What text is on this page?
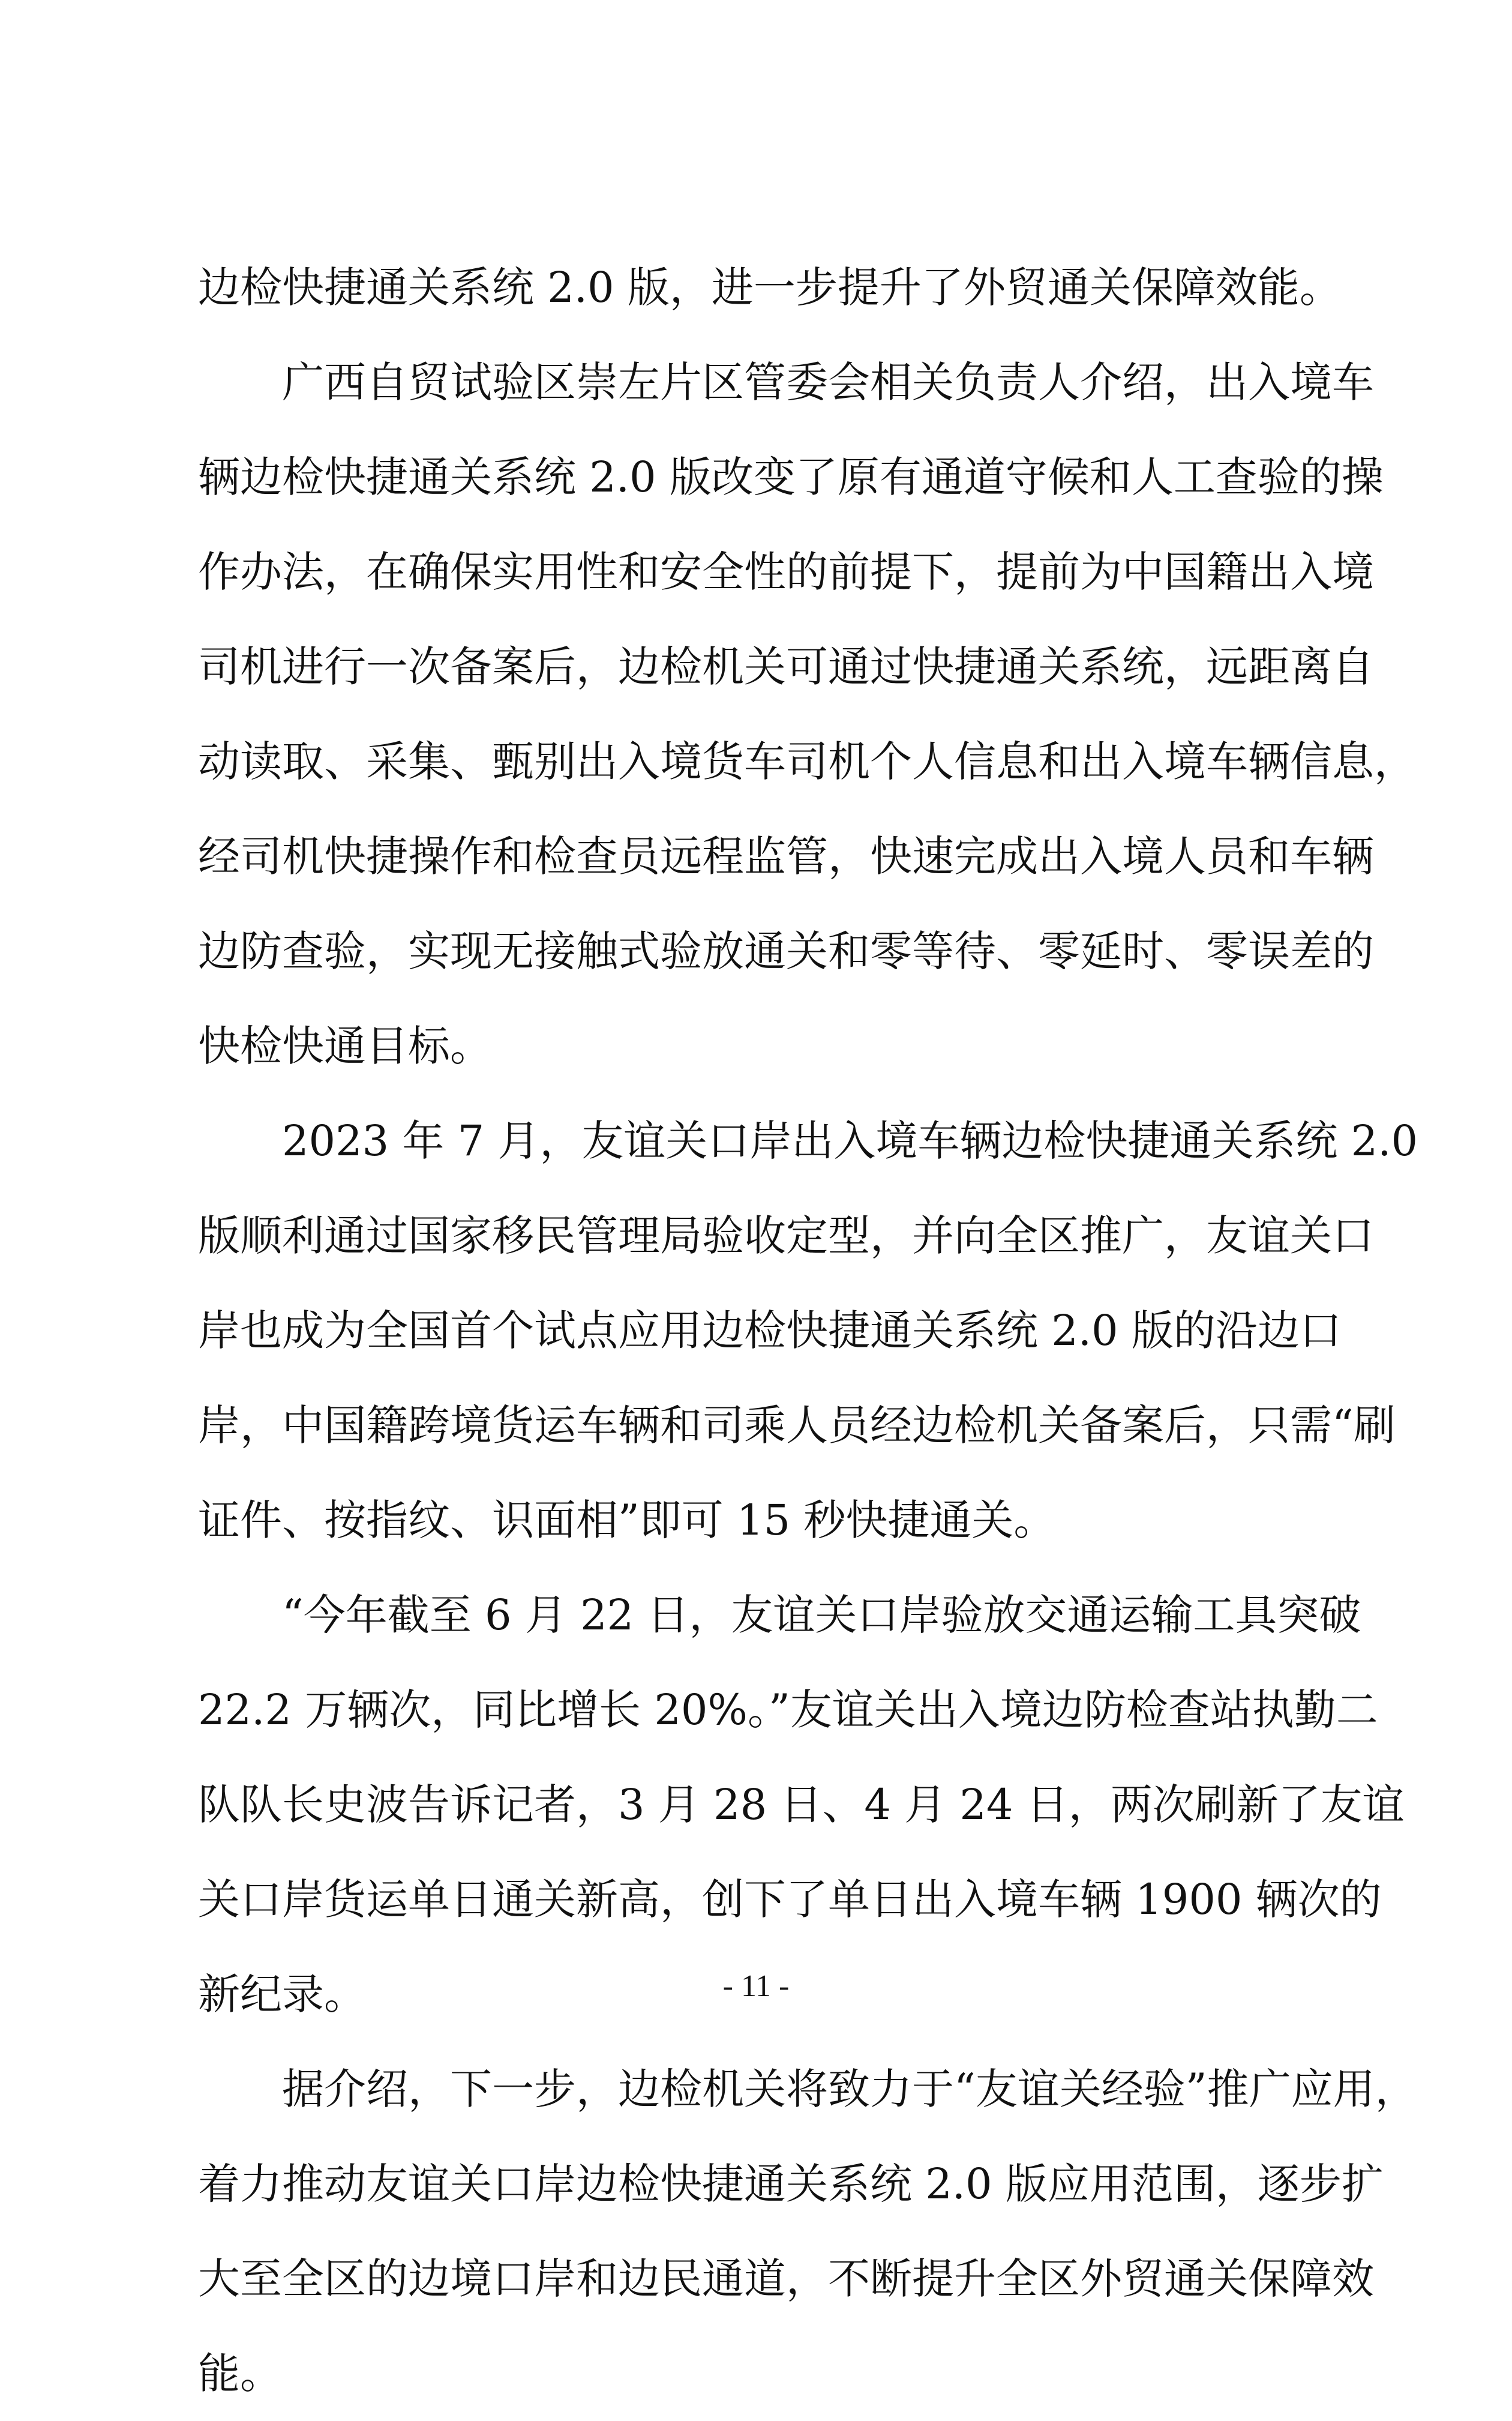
边检快捷通关系统 2.0 版，进一步提升了外贸通关保障效能。
广西自贸试验区崇左片区管委会相关负责人介绍，出入境车
辆边检快捷通关系统 2.0 版改变了原有通道守候和人工查验的操
作办法，在确保实用性和安全性的前提下，提前为中国籍出入境
司机进行一次备案后，边检机关可通过快捷通关系统，远距离自
动读取、采集、甄别出入境货车司机个人信息和出入境车辆信息，
经司机快捷操作和检查员远程监管，快速完成出入境人员和车辆
边防查验，实现无接触式验放通关和零等待、零延时、零误差的
快检快通目标。
2023 年 7 月，友谊关口岸出入境车辆边检快捷通关系统 2.0
版顺利通过国家移民管理局验收定型，并向全区推广，友谊关口
岸也成为全国首个试点应用边检快捷通关系统 2.0 版的沿边口
岸，中国籍跨境货运车辆和司乘人员经边检机关备案后，只需“刷
证件、按指纹、识面相”即可 15 秒快捷通关。
“今年截至 6 月 22 日，友谊关口岸验放交通运输工具突破
22.2 万辆次，同比增长 20%。”友谊关出入境边防检查站执勤二
队队长史波告诉记者，3 月 28 日、4 月 24 日，两次刷新了友谊
关口岸货运单日通关新高，创下了单日出入境车辆 1900 辆次的
新纪录。
据介绍，下一步，边检机关将致力于“友谊关经验”推广应用，
着力推动友谊关口岸边检快捷通关系统 2.0 版应用范围，逐步扩
大至全区的边境口岸和边民通道，不断提升全区外贸通关保障效
能。
- 11 -
